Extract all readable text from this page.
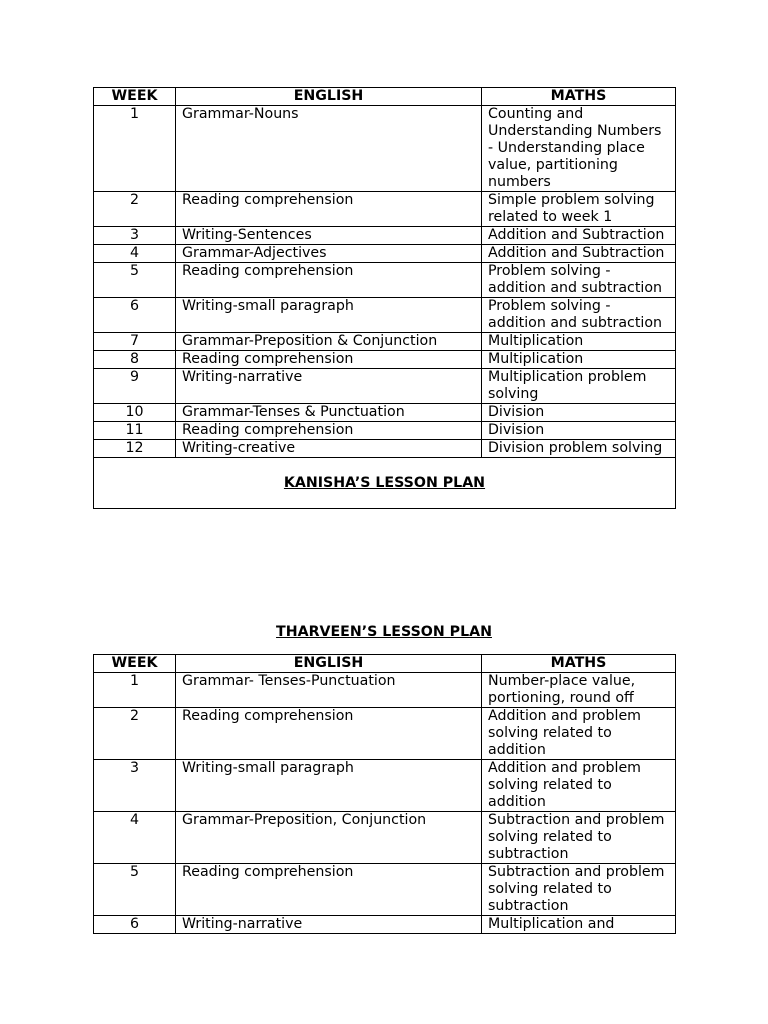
WEEK	ENGLISH	MATHS
1	Grammar-Nouns	Counting and Understanding Numbers - Understanding place value, partitioning numbers
2	Reading comprehension	Simple problem solving related to week 1
3	Writing-Sentences	Addition and Subtraction
4	Grammar-Adjectives	Addition and Subtraction
5	Reading comprehension	Problem solving - addition and subtraction
6	Writing-small paragraph	Problem solving - addition and subtraction
7	Grammar-Preposition & Conjunction	Multiplication
8	Reading comprehension	Multiplication
9	Writing-narrative	Multiplication problem solving
10	Grammar-Tenses & Punctuation	Division
11	Reading comprehension	Division
12	Writing-creative	Division problem solving
KANISHA’S LESSON PLAN		
THARVEEN’S LESSON PLAN
WEEK	ENGLISH	MATHS
1	Grammar- Tenses-Punctuation	Number-place value, portioning, round off
2	Reading comprehension	Addition and problem solving related to addition
3	Writing-small paragraph	Addition and problem solving related to addition
4	Grammar-Preposition, Conjunction	Subtraction and problem solving related to subtraction
5	Reading comprehension	Subtraction and problem solving related to subtraction
6	Writing-narrative	Multiplication and
